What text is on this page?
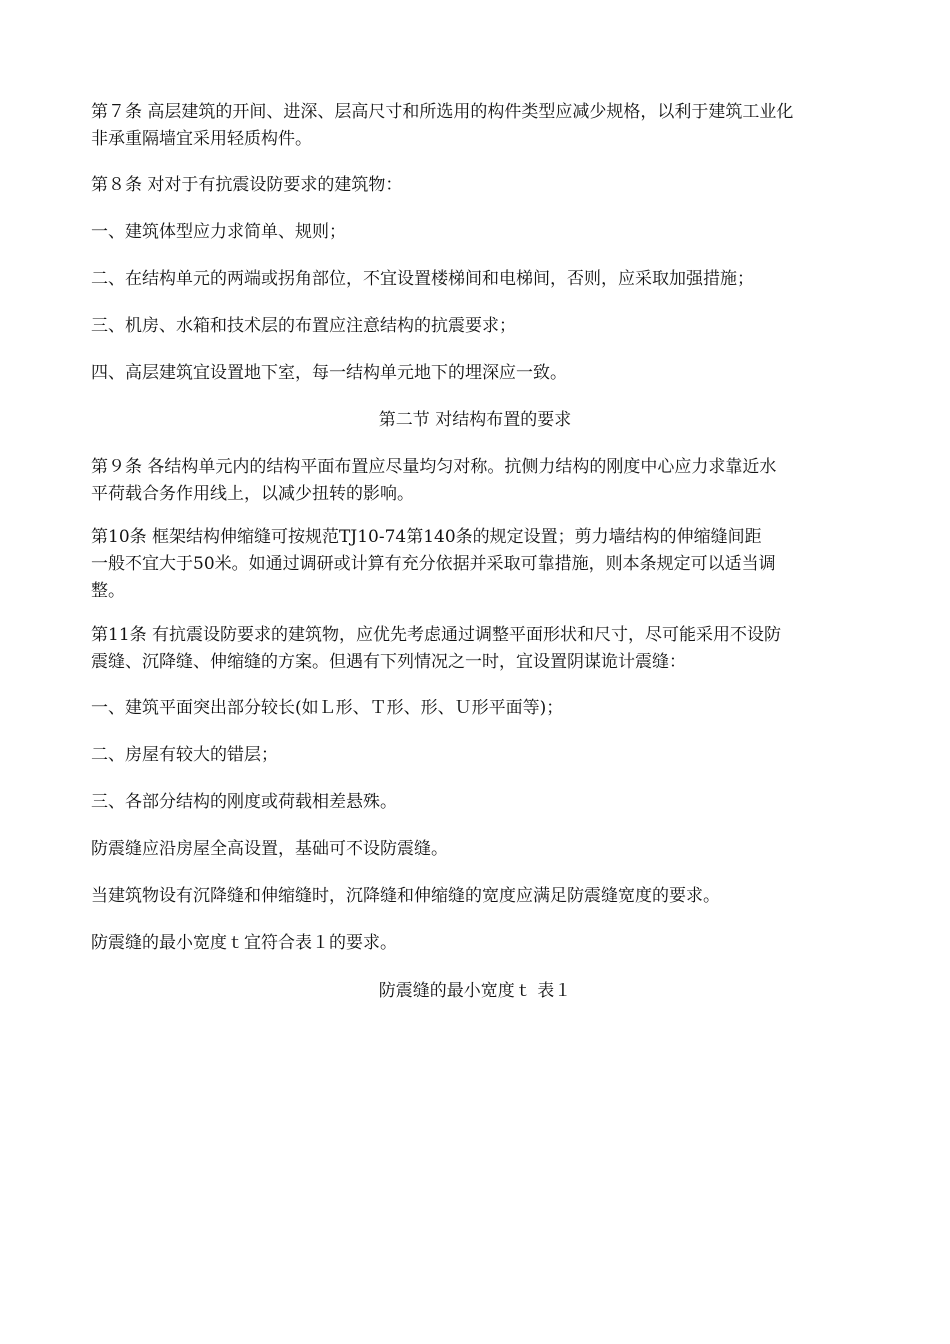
第７条 高层建筑的开间、进深、层高尺寸和所选用的构件类型应减少规格，以利于建筑工业化
非承重隔墙宜采用轻质构件。

第８条 对对于有抗震设防要求的建筑物：

一、建筑体型应力求简单、规则；

二、在结构单元的两端或拐角部位，不宜设置楼梯间和电梯间，否则，应采取加强措施；

三、机房、水箱和技术层的布置应注意结构的抗震要求；

四、高层建筑宜设置地下室，每一结构单元地下的埋深应一致。

第二节 对结构布置的要求

第９条 各结构单元内的结构平面布置应尽量均匀对称。抗侧力结构的刚度中心应力求靠近水
平荷载合务作用线上，以减少扭转的影响。

第10条 框架结构伸缩缝可按规范TJ10-74第140条的规定设置；剪力墙结构的伸缩缝间距
一般不宜大于50米。如通过调研或计算有充分依据并采取可靠措施，则本条规定可以适当调
整。

第11条 有抗震设防要求的建筑物，应优先考虑通过调整平面形状和尺寸，尽可能采用不设防
震缝、沉降缝、伸缩缝的方案。但遇有下列情况之一时，宜设置阴谋诡计震缝：

一、建筑平面突出部分较长(如Ｌ形、Ｔ形、形、Ｕ形平面等)；

二、房屋有较大的错层；

三、各部分结构的刚度或荷载相差悬殊。

防震缝应沿房屋全高设置，基础可不设防震缝。

当建筑物设有沉降缝和伸缩缝时，沉降缝和伸缩缝的宽度应满足防震缝宽度的要求。

防震缝的最小宽度ｔ宜符合表１的要求。

防震缝的最小宽度ｔ 表１
